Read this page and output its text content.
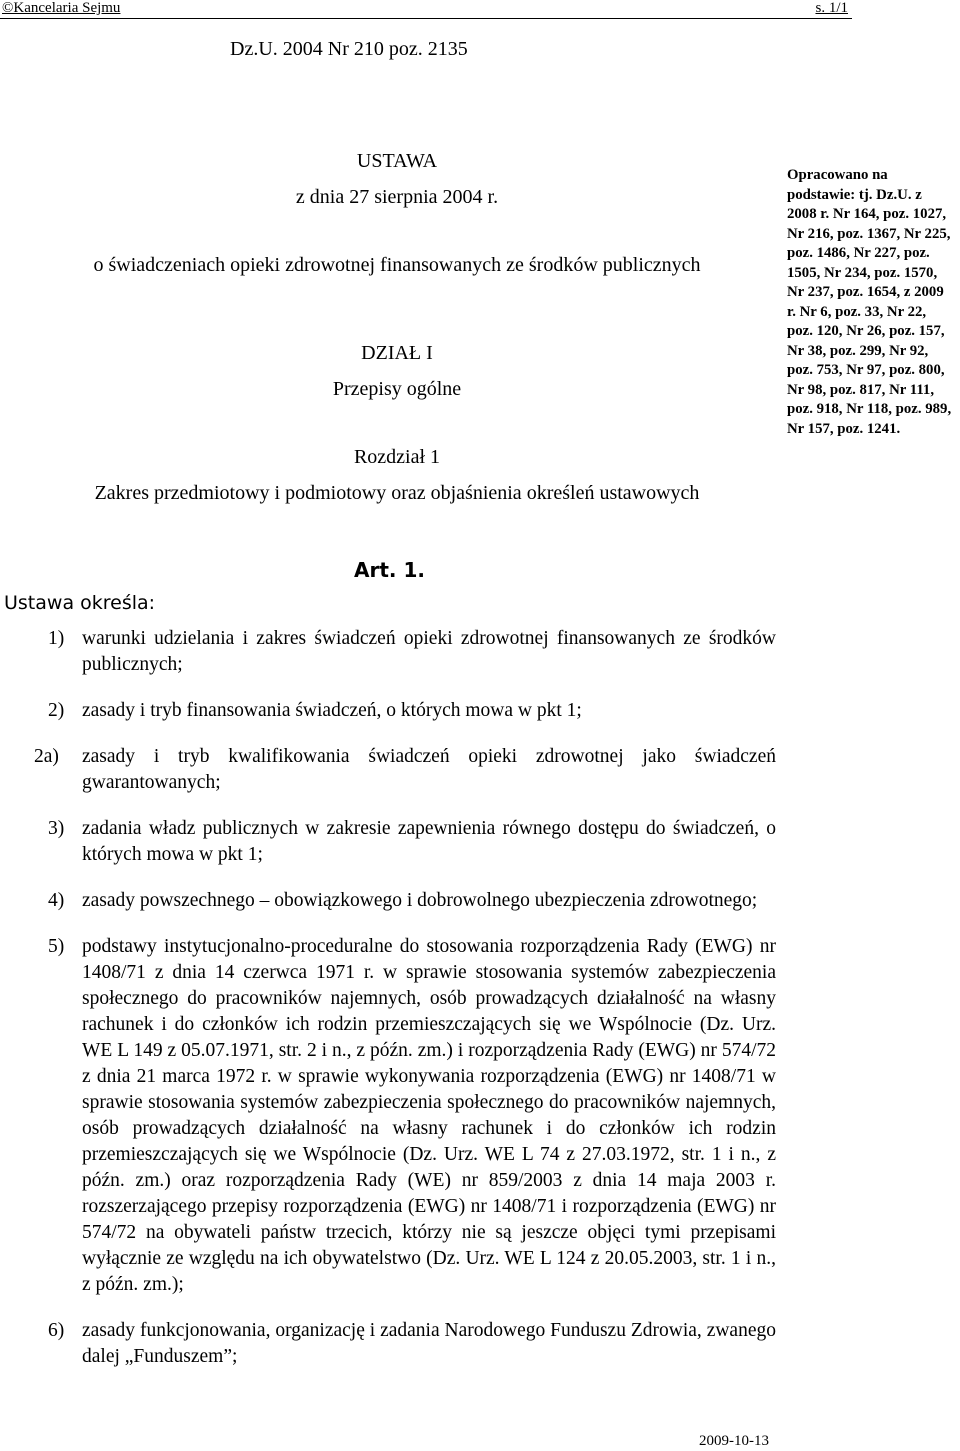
©Kancelaria Sejmu	s. 1/1
Dz.U. 2004 Nr 210 poz. 2135
USTAWA
z dnia 27 sierpnia 2004 r.
o świadczeniach opieki zdrowotnej finansowanych ze środków publicznych
DZIAŁ I
Przepisy ogólne
Rozdział 1
Zakres przedmiotowy i podmiotowy oraz objaśnienia określeń ustawowych
Art. 1.
Ustawa określa:
1) warunki udzielania i zakres świadczeń opieki zdrowotnej finansowanych ze środków publicznych;
2) zasady i tryb finansowania świadczeń, o których mowa w pkt 1;
2a)	zasady i tryb kwalifikowania świadczeń opieki zdrowotnej jako świadczeń gwarantowanych;
3) zadania władz publicznych w zakresie zapewnienia równego dostępu do świadczeń, o których mowa w pkt 1;
4) zasady powszechnego – obowiązkowego i dobrowolnego ubezpieczenia zdrowotnego;
5) podstawy instytucjonalno-proceduralne do stosowania rozporządzenia Rady (EWG) nr 1408/71 z dnia 14 czerwca 1971 r. w sprawie stosowania systemów zabezpieczenia społecznego do pracowników najemnych, osób prowadzących działalność na własny rachunek i do członków ich rodzin przemieszczających się we Wspólnocie (Dz. Urz. WE L 149 z 05.07.1971, str. 2 i n., z późn. zm.) i rozporządzenia Rady (EWG) nr 574/72 z dnia 21 marca 1972 r. w sprawie wykonywania rozporządzenia (EWG) nr 1408/71 w sprawie stosowania systemów zabezpieczenia społecznego do pracowników najemnych, osób prowadzących działalność na własny rachunek i do członków ich rodzin przemieszczających się we Wspólnocie (Dz. Urz. WE L 74 z 27.03.1972, str. 1 i n., z późn. zm.) oraz rozporządzenia Rady (WE) nr 859/2003 z dnia 14 maja 2003 r. rozszerzającego przepisy rozporządzenia (EWG) nr 1408/71 i rozporządzenia (EWG) nr 574/72 na obywateli państw trzecich, którzy nie są jeszcze objęci tymi przepisami wyłącznie ze względu na ich obywatelstwo (Dz. Urz. WE L 124 z 20.05.2003, str. 1 i n., z późn. zm.);
6) zasady funkcjonowania, organizację i zadania Narodowego Funduszu Zdrowia, zwanego dalej „Funduszem”;
Opracowano na podstawie: tj. Dz.U. z 2008 r. Nr 164, poz. 1027, Nr 216, poz. 1367, Nr 225, poz. 1486, Nr 227, poz. 1505, Nr 234, poz. 1570, Nr 237, poz. 1654, z 2009 r. Nr 6, poz. 33, Nr 22, poz. 120, Nr 26, poz. 157, Nr 38, poz. 299, Nr 92, poz. 753, Nr 97, poz. 800, Nr 98, poz. 817, Nr 111, poz. 918, Nr 118, poz. 989, Nr 157, poz. 1241.
2009-10-13
